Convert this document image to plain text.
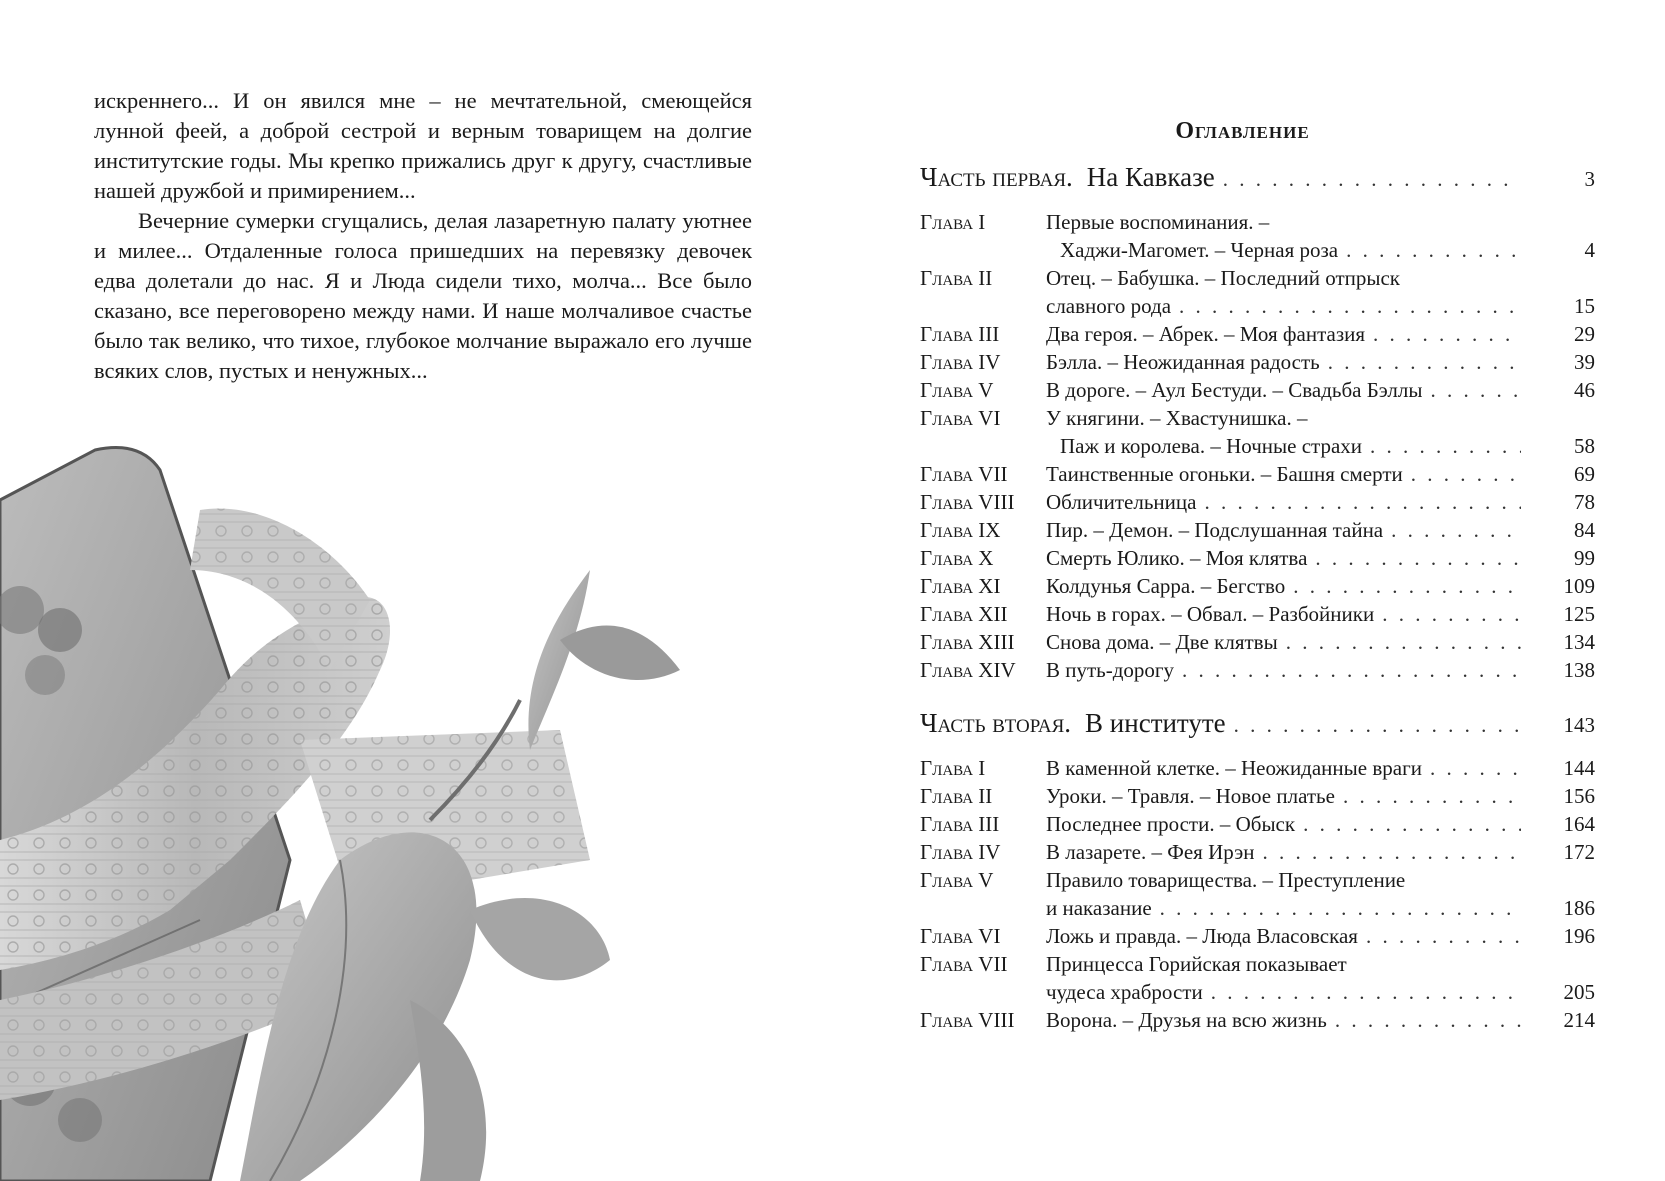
искреннего... И он явился мне – не мечтательной, смеющейся лунной феей, а доброй сестрой и верным товарищем на долгие институтские годы. Мы крепко прижались друг к другу, счастливые нашей дружбой и примирением...

Вечерние сумерки сгущались, делая лазаретную палату уютнее и милее... Отдаленные голоса пришедших на перевязку девочек едва долетали до нас. Я и Люда сидели тихо, молча... Все было сказано, все переговорено между нами. И наше молчаливое счастье было так велико, что тихое, глубокое молчание выражало его лучше всяких слов, пустых и ненужных...

Оглавление
Часть первая. На Кавказе . . .	3
Глава I	Первые воспоминания. –
Хаджи-Магомет. – Черная роза . . .	4
Глава II	Отец. – Бабушка. – Последний отпрыск
славного рода . . .	15
Глава III	Два героя. – Абрек. – Моя фантазия . . .	29
Глава IV	Бэлла. – Неожиданная радость . . .	39
Глава V	В дороге. – Аул Бестуди. – Свадьба Бэллы . . .	46
Глава VI	У княгини. – Хвастунишка. –
Паж и королева. – Ночные страхи . . .	58
Глава VII	Таинственные огоньки. – Башня смерти . . .	69
Глава VIII	Обличительница . . .	78
Глава IX	Пир. – Демон. – Подслушанная тайна . . .	84
Глава X	Смерть Юлико. – Моя клятва . . .	99
Глава XI	Колдунья Сарра. – Бегство . . .	109
Глава XII	Ночь в горах. – Обвал. – Разбойники . . .	125
Глава XIII	Снова дома. – Две клятвы . . .	134
Глава XIV	В путь-дорогу . . .	138
Часть вторая. В институте . . .	143
Глава I	В каменной клетке. – Неожиданные враги . . .	144
Глава II	Уроки. – Травля. – Новое платье . . .	156
Глава III	Последнее прости. – Обыск . . .	164
Глава IV	В лазарете. – Фея Ирэн . . .	172
Глава V	Правило товарищества. – Преступление
и наказание . . .	186
Глава VI	Ложь и правда. – Люда Власовская . . .	196
Глава VII	Принцесса Горийская показывает
чудеса храбрости . . .	205
Глава VIII	Ворона. – Друзья на всю жизнь . . .	214
